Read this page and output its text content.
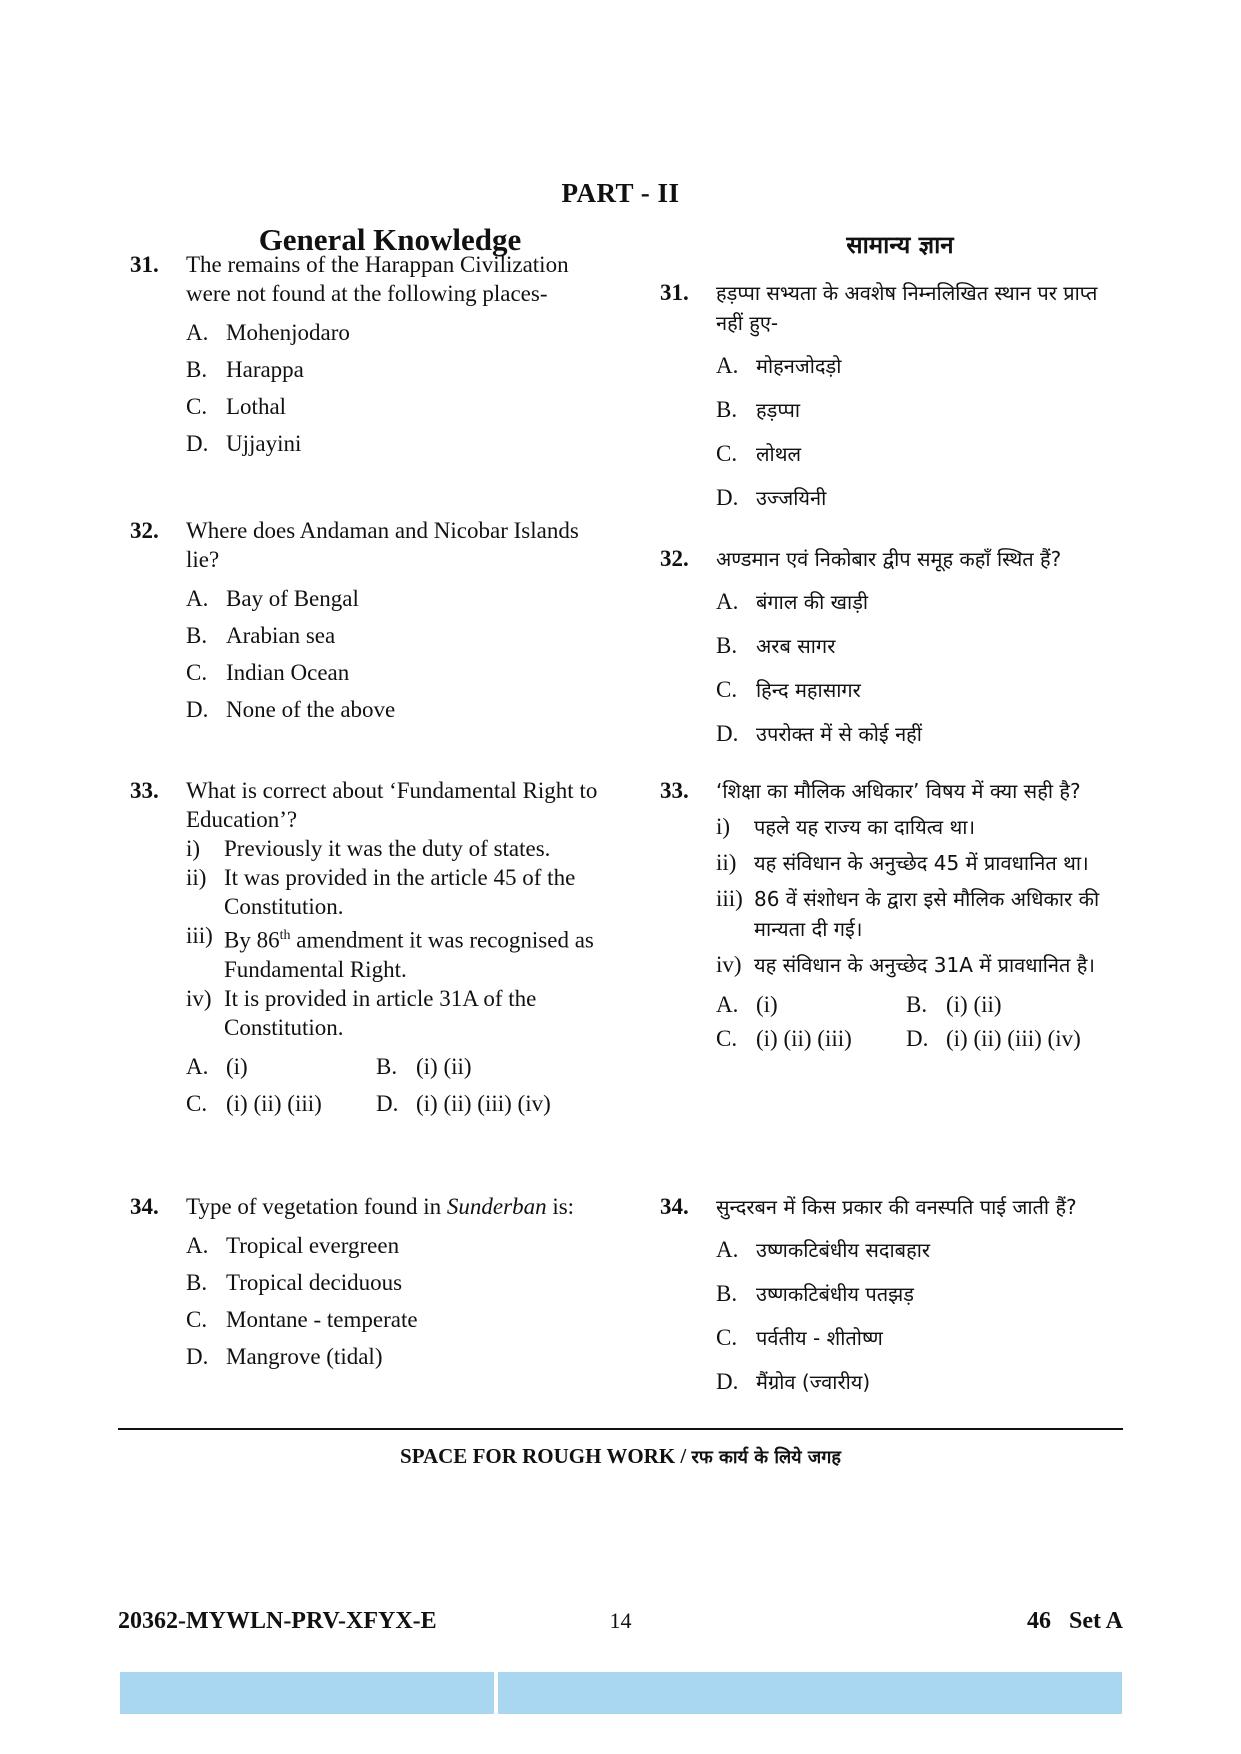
PART - II
General Knowledge	सामान्य ज्ञान
31. The remains of the Harappan Civilization were not found at the following places-
A. Mohenjodaro
B. Harappa
C. Lothal
D. Ujjayini
32. Where does Andaman and Nicobar Islands lie?
A. Bay of Bengal
B. Arabian sea
C. Indian Ocean
D. None of the above
33. What is correct about ‘Fundamental Right to Education’?
i)	Previously it was the duty of states.
ii) It was provided in the article 45 of the Constitution.
iii) By 86th amendment it was recognised as Fundamental Right.
iv) It is provided in article 31A of the Constitution.
A. (i)	B. (i) (ii)
C. (i) (ii) (iii)	D. (i) (ii) (iii) (iv)
34. Type of vegetation found in Sunderban is:
A. Tropical evergreen
B. Tropical deciduous
C. Montane - temperate
D. Mangrove (tidal)
31. हड़प्पा सभ्यता के अवशेष निम्नलिखित स्थान पर प्राप्त नहीं हुए-
A. मोहनजोदड़ो
B. हड़प्पा
C. लोथल
D. उज्जयिनी
32. अण्डमान एवं निकोबार द्वीप समूह कहाँ स्थित हैं?
A. बंगाल की खाड़ी
B. अरब सागर
C. हिन्द महासागर
D. उपरोक्त में से कोई नहीं
33. ‘शिक्षा का मौलिक अधिकार’ विषय में क्या सही है?
i)	पहले यह राज्य का दायित्व था।
ii) यह संविधान के अनुच्छेद 45 में प्रावधानित था।
iii) 86 वें संशोधन के द्वारा इसे मौलिक अधिकार की मान्यता दी गई।
iv) यह संविधान के अनुच्छेद 31A में प्रावधानित है।
A. (i)	B. (i) (ii)
C. (i) (ii) (iii)	D. (i) (ii) (iii) (iv)
34. सुन्दरबन में किस प्रकार की वनस्पति पाई जाती हैं?
A. उष्णकटिबंधीय सदाबहार
B. उष्णकटिबंधीय पतझड़
C. पर्वतीय - शीतोष्ण
D. मैंग्रोव (ज्वारीय)
SPACE FOR ROUGH WORK / रफ कार्य के लिये जगह
20362-MYWLN-PRV-XFYX-E	14	46   Set A
